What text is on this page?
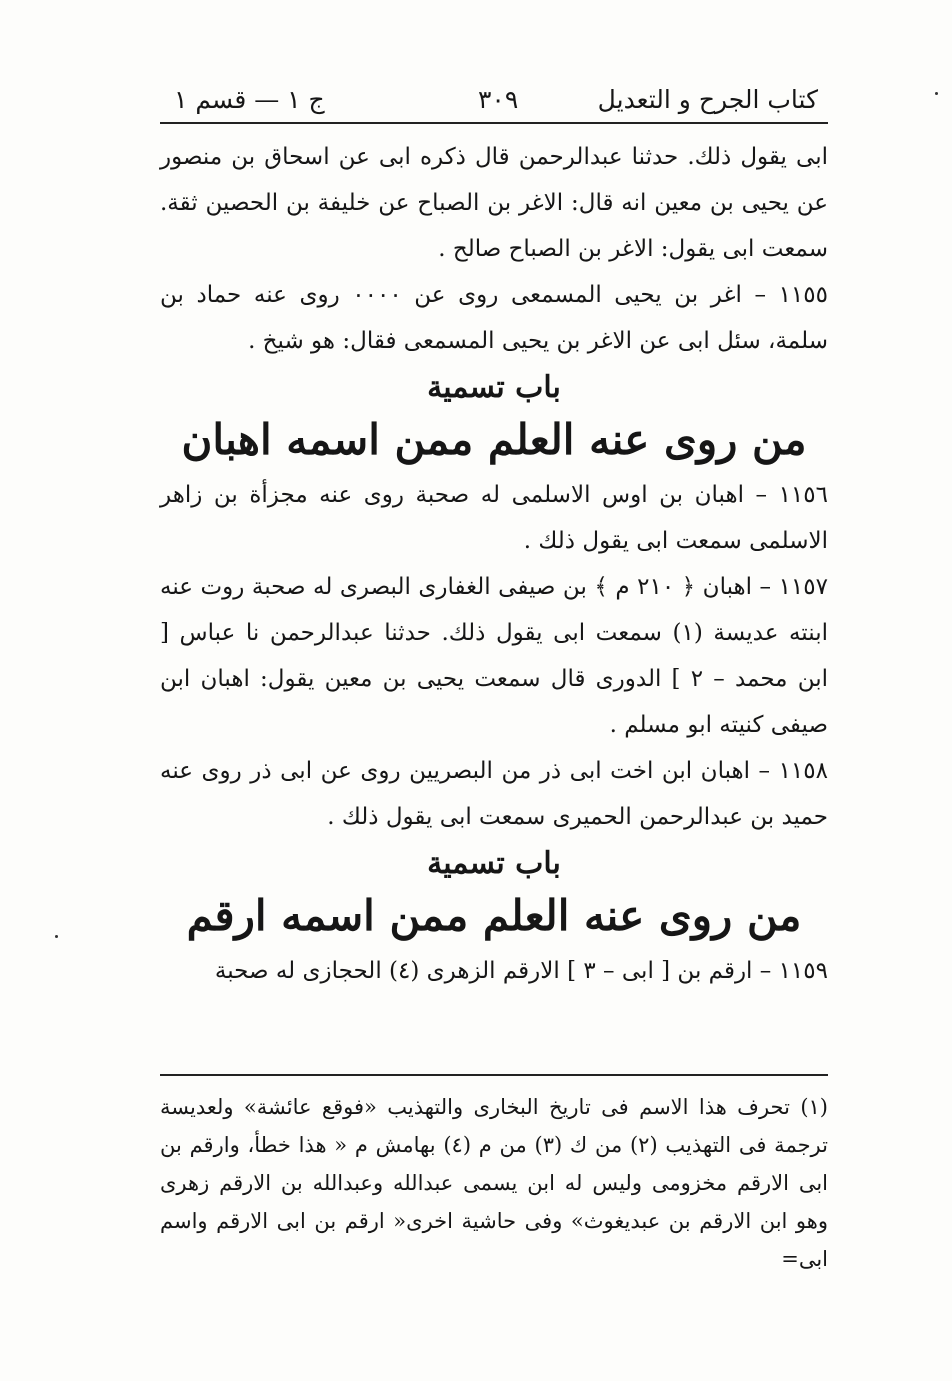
كتاب الجرح و التعديل
٣٠٩
ج ١ — قسم ١

ابى يقول ذلك. حدثنا عبدالرحمن قال ذكره ابى عن اسحاق بن منصور عن يحيى بن معين انه قال: الاغر بن الصباح عن خليفة بن الحصين ثقة. سمعت ابى يقول: الاغر بن الصباح صالح .

١١٥٥ – اغر بن يحيى المسمعى روى عن ٠٠٠٠ روى عنه حماد بن سلمة، سئل ابى عن الاغر بن يحيى المسمعى فقال: هو شيخ .

باب تسمية
من روى عنه العلم ممن اسمه اهبان

١١٥٦ – اهبان بن اوس الاسلمى له صحبة روى عنه مجزأة بن زاهر الاسلمى سمعت ابى يقول ذلك .

١١٥٧ – اهبان ﴿ ٢١٠ م ﴾ بن صيفى الغفارى البصرى له صحبة روت عنه ابنته عديسة (١) سمعت ابى يقول ذلك. حدثنا عبدالرحمن نا عباس [ ابن محمد – ٢ ] الدورى قال سمعت يحيى بن معين يقول: اهبان ابن صيفى كنيته ابو مسلم .

١١٥٨ – اهبان ابن اخت ابى ذر من البصريين روى عن ابى ذر روى عنه حميد بن عبدالرحمن الحميرى سمعت ابى يقول ذلك .

باب تسمية
من روى عنه العلم ممن اسمه ارقم

١١٥٩ – ارقم بن [ ابى – ٣ ] الارقم الزهرى (٤) الحجازى له صحبة

(١) تحرف هذا الاسم فى تاريخ البخارى والتهذيب «فوقع عائشة» ولعديسة ترجمة فى التهذيب (٢) من ك (٣) من م (٤) بهامش م « هذا خطأ، وارقم بن ابى الارقم مخزومى وليس له ابن يسمى عبدالله وعبدالله بن الارقم زهرى وهو ابن الارقم بن عبديغوث» وفى حاشية اخرى« ارقم بن ابى الارقم واسم ابى=
